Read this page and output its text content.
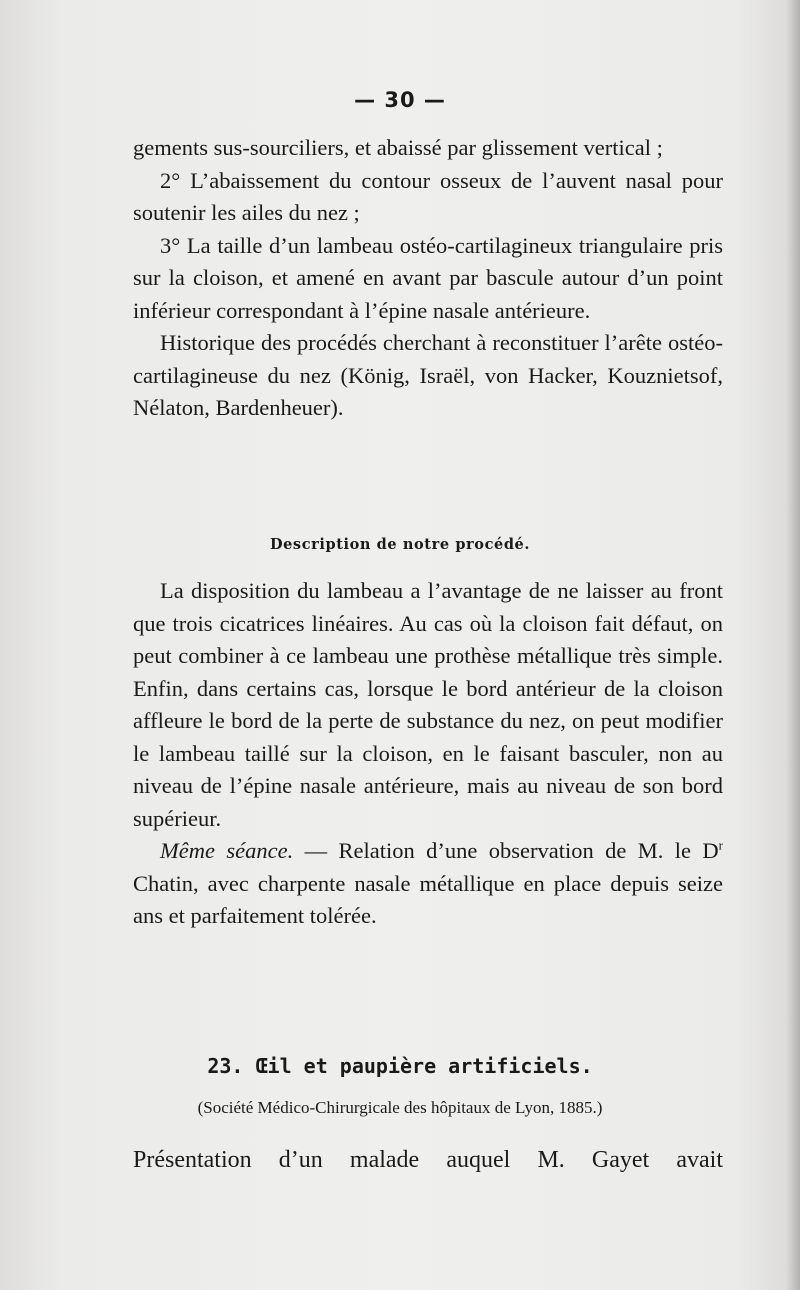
— 30 —

gements sus-sourciliers, et abaissé par glissement vertical ;

2° L’abaissement du contour osseux de l’auvent nasal pour soutenir les ailes du nez ;

3° La taille d’un lambeau ostéo-cartilagineux triangulaire pris sur la cloison, et amené en avant par bascule autour d’un point inférieur correspondant à l’épine nasale antérieure.

Historique des procédés cherchant à reconstituer l’arête ostéo-cartilagineuse du nez (König, Israël, von Hacker, Kouznietsof, Nélaton, Bardenheuer).

Description de notre procédé.

La disposition du lambeau a l’avantage de ne laisser au front que trois cicatrices linéaires. Au cas où la cloison fait défaut, on peut combiner à ce lambeau une prothèse métallique très simple. Enfin, dans certains cas, lorsque le bord antérieur de la cloison affleure le bord de la perte de substance du nez, on peut modifier le lambeau taillé sur la cloison, en le faisant basculer, non au niveau de l’épine nasale antérieure, mais au niveau de son bord supérieur.

Même séance. — Relation d’une observation de M. le $D^r$ Chatin, avec charpente nasale métallique en place depuis seize ans et parfaitement tolérée.

23. Œil et paupière artificiels.
(Société Médico-Chirurgicale des hôpitaux de Lyon, 1885.)
Présentation d’un malade auquel M. Gayet avait
